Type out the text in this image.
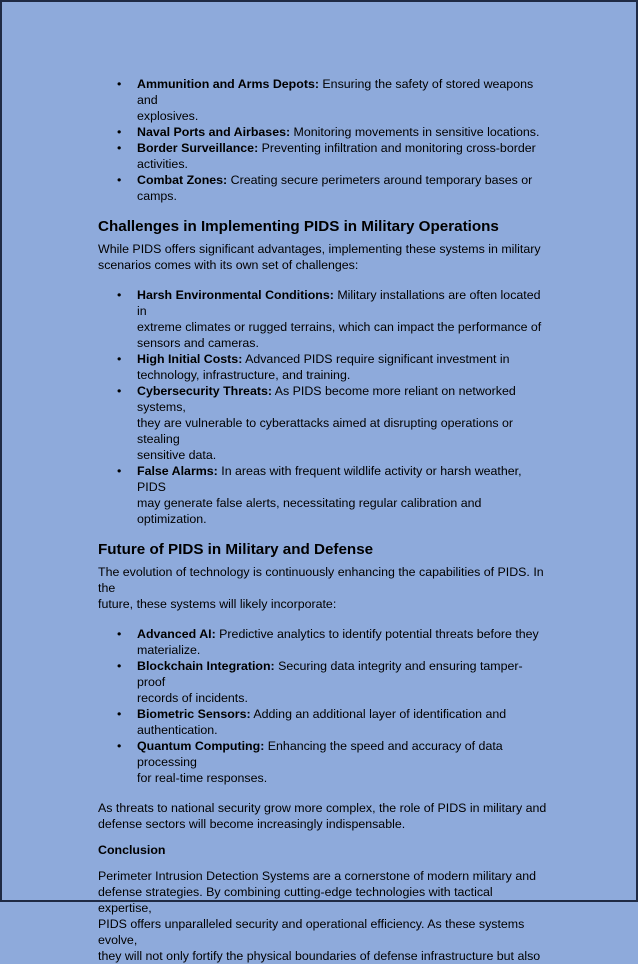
• Ammunition and Arms Depots: Ensuring the safety of stored weapons and
explosives.
• Naval Ports and Airbases: Monitoring movements in sensitive locations.
• Border Surveillance: Preventing infiltration and monitoring cross-border
activities.
• Combat Zones: Creating secure perimeters around temporary bases or
camps.
Challenges in Implementing PIDS in Military Operations

While PIDS offers significant advantages, implementing these systems in military
scenarios comes with its own set of challenges:

• Harsh Environmental Conditions: Military installations are often located in
extreme climates or rugged terrains, which can impact the performance of
sensors and cameras.
• High Initial Costs: Advanced PIDS require significant investment in
technology, infrastructure, and training.
• Cybersecurity Threats: As PIDS become more reliant on networked systems,
they are vulnerable to cyberattacks aimed at disrupting operations or stealing
sensitive data.
• False Alarms: In areas with frequent wildlife activity or harsh weather, PIDS
may generate false alerts, necessitating regular calibration and optimization.
Future of PIDS in Military and Defense

The evolution of technology is continuously enhancing the capabilities of PIDS. In the
future, these systems will likely incorporate:

• Advanced AI: Predictive analytics to identify potential threats before they
materialize.
• Blockchain Integration: Securing data integrity and ensuring tamper-proof
records of incidents.
• Biometric Sensors: Adding an additional layer of identification and
authentication.
• Quantum Computing: Enhancing the speed and accuracy of data processing
for real-time responses.

As threats to national security grow more complex, the role of PIDS in military and
defense sectors will become increasingly indispensable.

Conclusion

Perimeter Intrusion Detection Systems are a cornerstone of modern military and
defense strategies. By combining cutting-edge technologies with tactical expertise,
PIDS offers unparalleled security and operational efficiency. As these systems evolve,
they will not only fortify the physical boundaries of defense infrastructure but also
